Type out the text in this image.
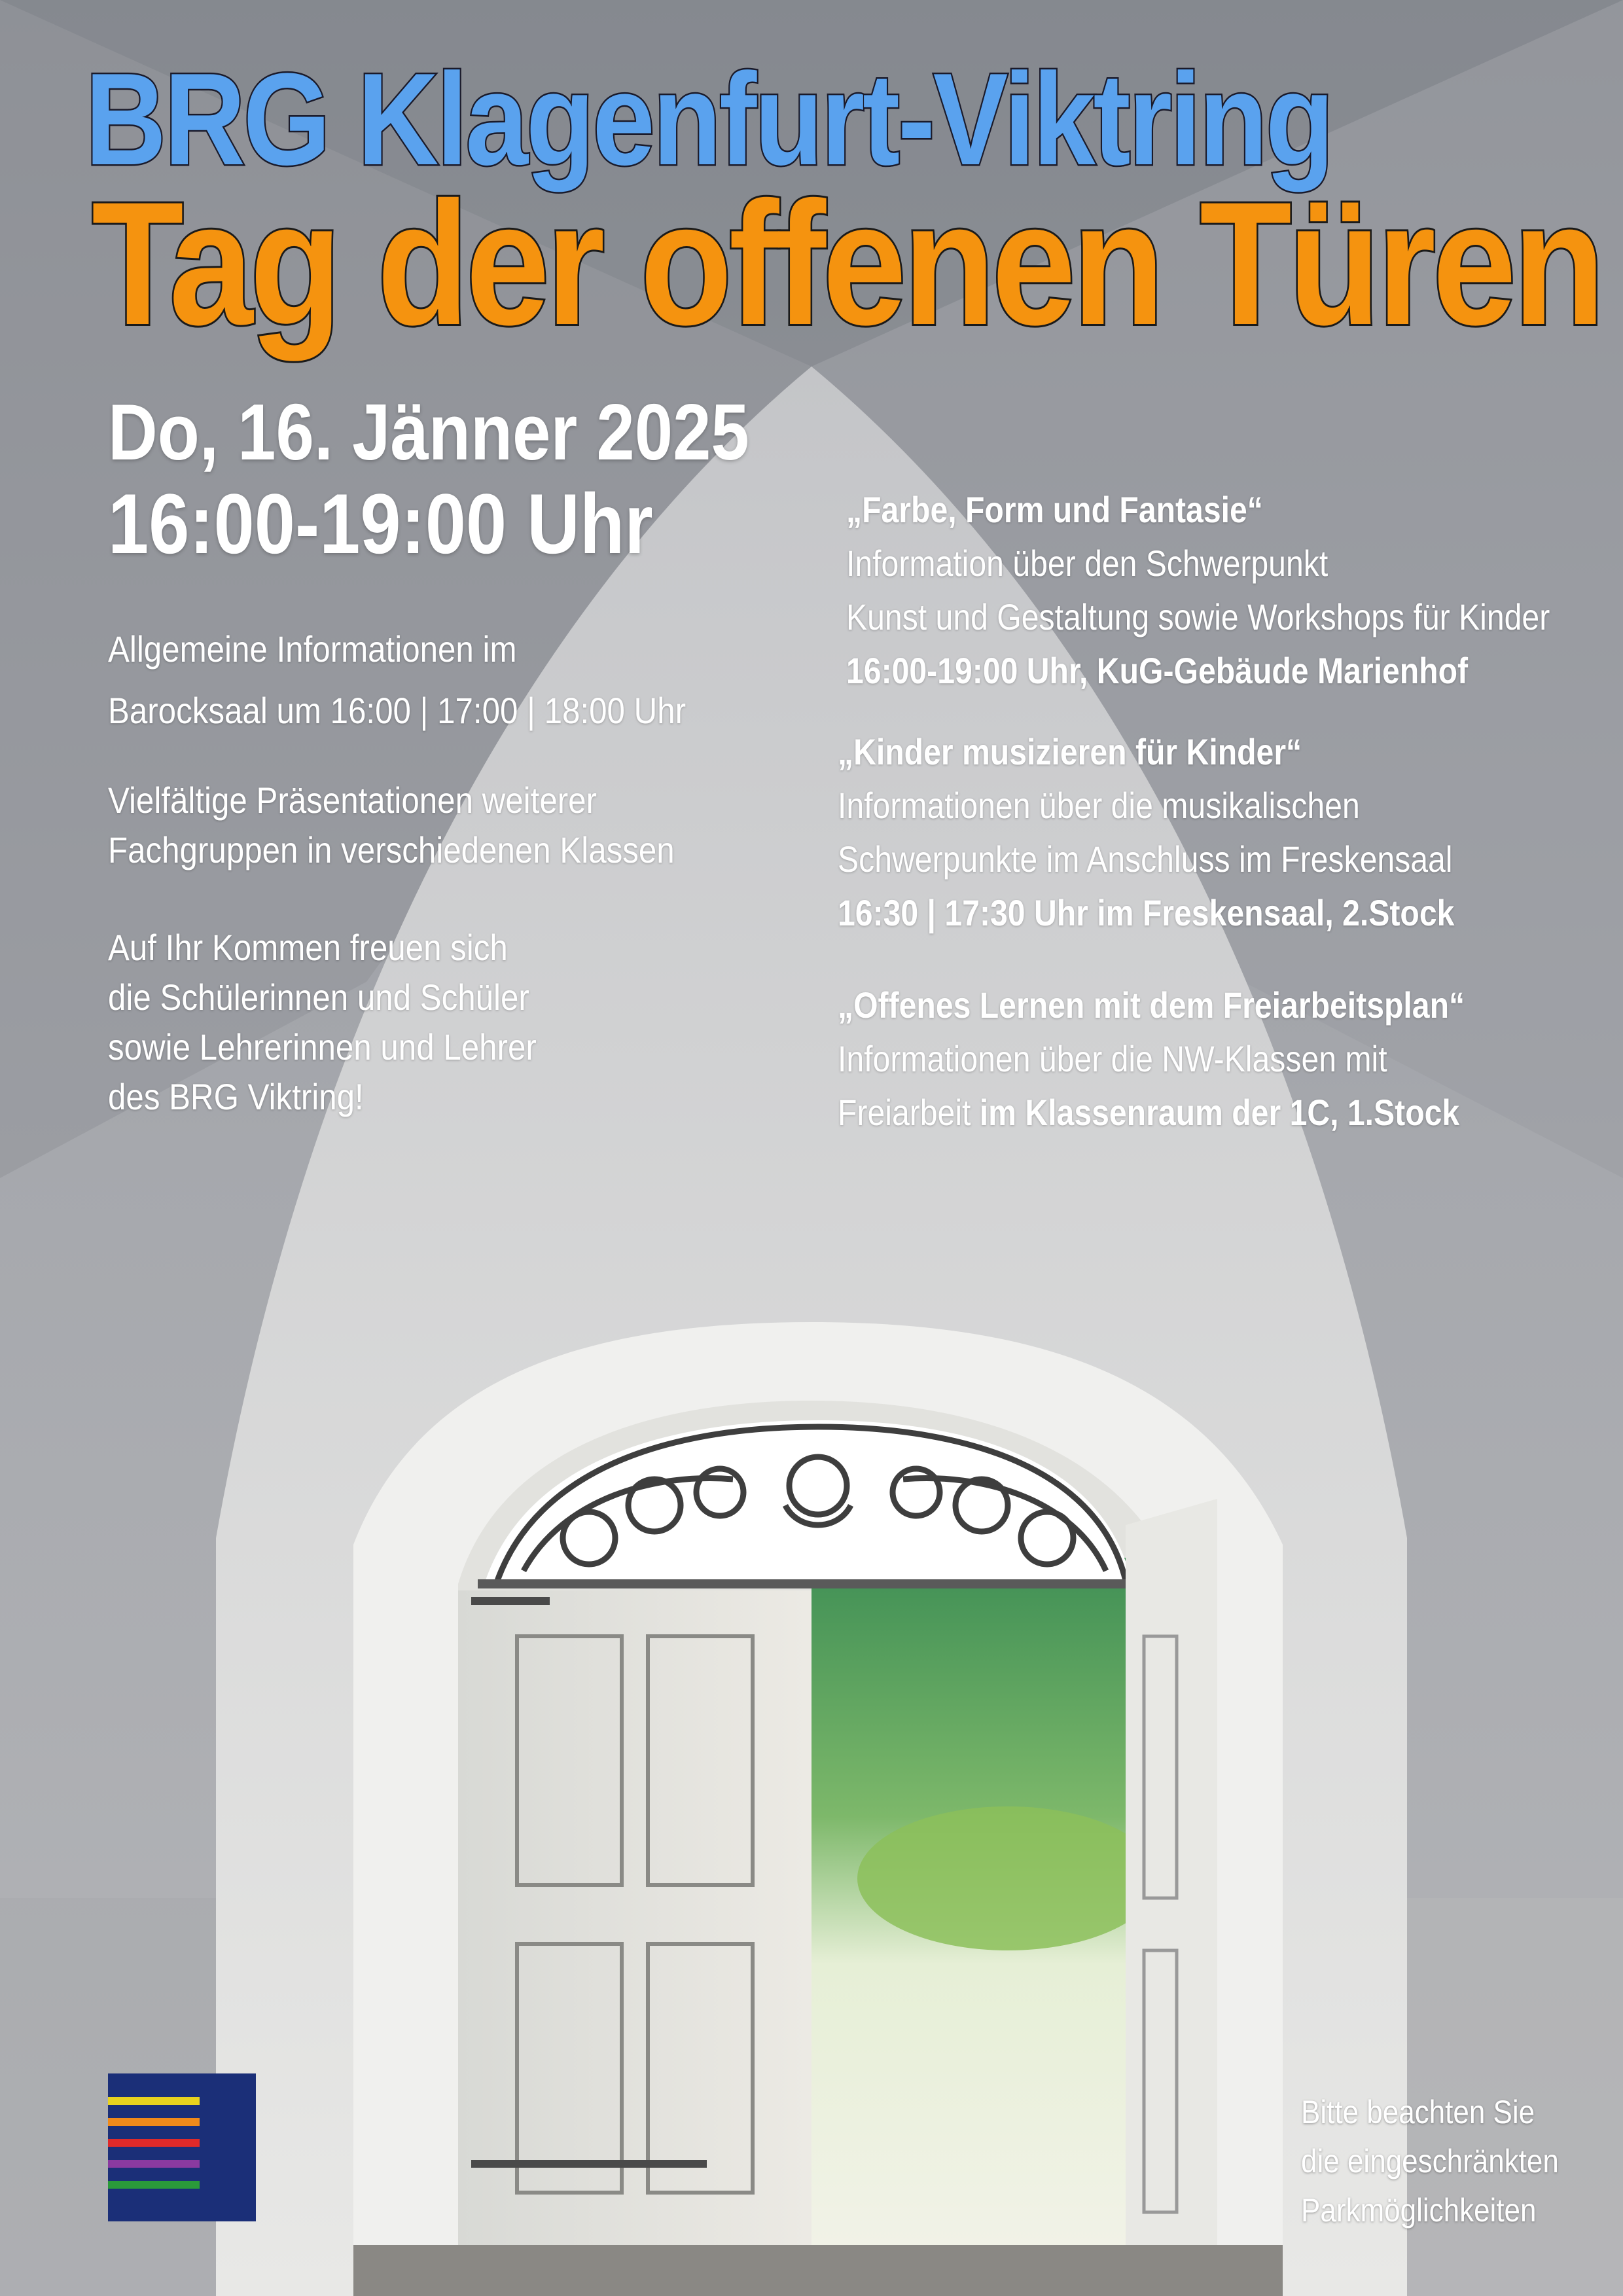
BRG Klagenfurt-Viktring
Tag der offenen Türen
Do, 16. Jänner 2025
16:00-19:00 Uhr

Allgemeine Informationen im

Barocksaal um 16:00 | 17:00 | 18:00 Uhr

Vielfältige Präsentationen weiterer

Fachgruppen in verschiedenen Klassen

Auf Ihr Kommen freuen sich

die Schülerinnen und Schüler

sowie Lehrerinnen und Lehrer

des BRG Viktring!

„Farbe, Form und Fantasie“

Information über den Schwerpunkt

Kunst und Gestaltung sowie Workshops für Kinder

16:00-19:00 Uhr, KuG-Gebäude Marienhof

„Kinder musizieren für Kinder“

Informationen über die musikalischen

Schwerpunkte im Anschluss im Freskensaal

16:30 | 17:30 Uhr im Freskensaal, 2.Stock

„Offenes Lernen mit dem Freiarbeitsplan“

Informationen über die NW-Klassen mit

Freiarbeit im Klassenraum der 1C, 1.Stock

Bitte beachten Sie

die eingeschränkten

Parkmöglichkeiten
